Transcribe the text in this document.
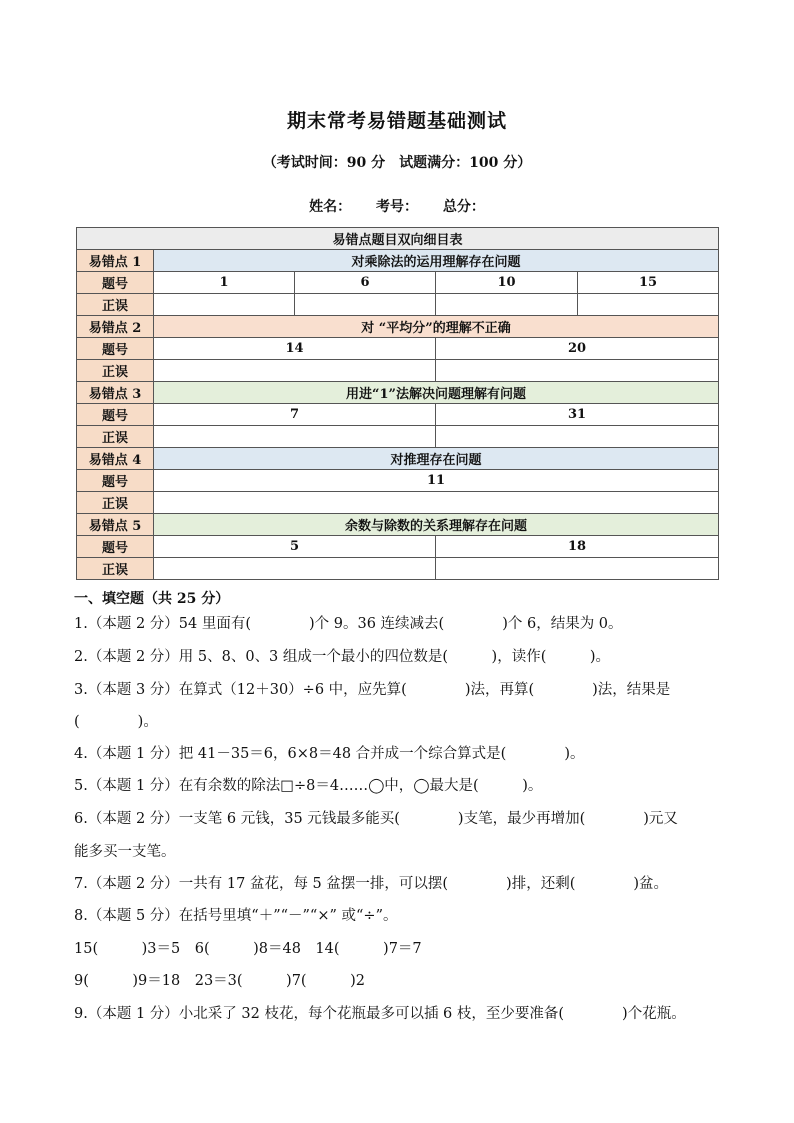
期末常考易错题基础测试
（考试时间：90 分　试题满分：100 分）
姓名： 考号： 总分：
易错点题目双向细目表				
易错点 1	对乘除法的运用理解存在问题			
题号	1	6	10	15
正误				
易错点 2	对 “平均分”的理解不正确			
题号	14		20	
正误				
易错点 3	用进“1”法解决问题理解有问题			
题号	7		31	
正误				
易错点 4	对推理存在问题			
题号	11			
正误				
易错点 5	余数与除数的关系理解存在问题			
题号	5		18	
正误				
一、填空题（共 25 分）
1.（本题 2 分）54 里面有(　　　　)个 9。36 连续减去(　　　　)个 6，结果为 0。
2.（本题 2 分）用 5、8、0、3 组成一个最小的四位数是(　　　)，读作(　　　)。
3.（本题 3 分）在算式（12＋30）÷6 中，应先算(　　　　)法，再算(　　　　)法，结果是
(　　　　)。
4.（本题 1 分）把 41－35＝6，6×8＝48 合并成一个综合算式是(　　　　)。
5.（本题 1 分）在有余数的除法□÷8＝4……◯中，◯最大是(　　　)。
6.（本题 2 分）一支笔 6 元钱，35 元钱最多能买(　　　　)支笔，最少再增加(　　　　)元又
能多买一支笔。
7.（本题 2 分）一共有 17 盆花，每 5 盆摆一排，可以摆(　　　　)排，还剩(　　　　)盆。
8.（本题 5 分）在括号里填“＋”“－”“×” 或“÷”。
15(　　　)3＝5　6(　　　)8＝48　14(　　　)7＝7
9(　　　)9＝18　23＝3(　　　)7(　　　)2
9.（本题 1 分）小北采了 32 枝花，每个花瓶最多可以插 6 枝，至少要准备(　　　　)个花瓶。
